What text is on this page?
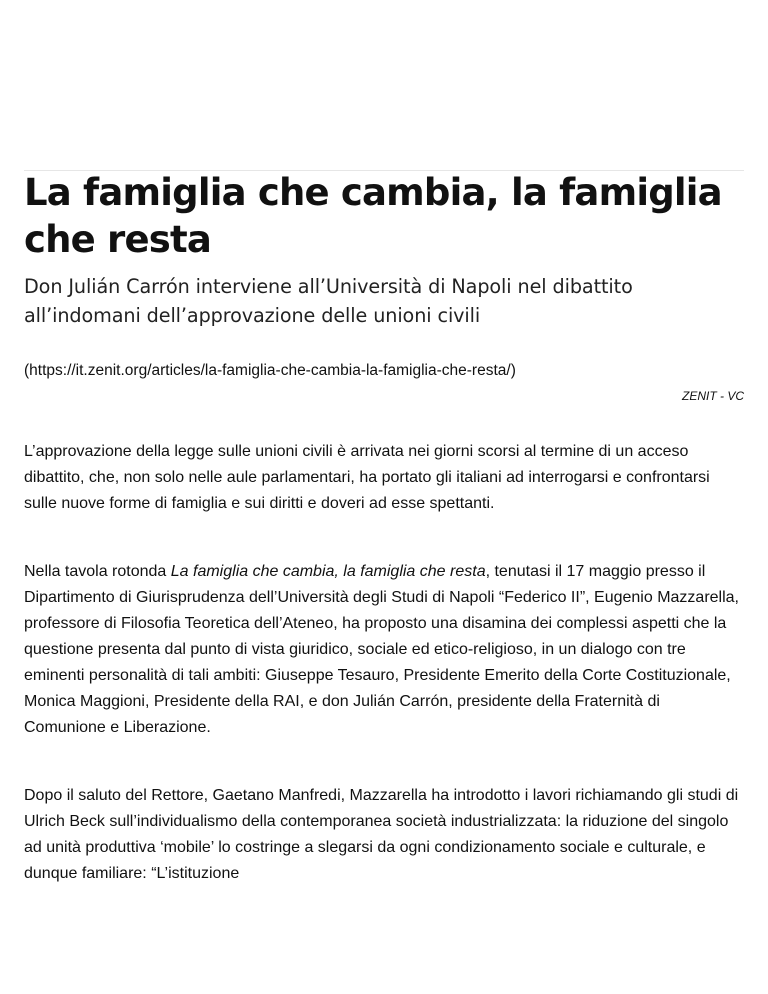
La famiglia che cambia, la famiglia che resta

Don Julián Carrón interviene all’Università di Napoli nel dibattito all’indomani dell’approvazione delle unioni civili

(https://it.zenit.org/articles/la-famiglia-che-cambia-la-famiglia-che-resta/)

ZENIT - VC

L’approvazione della legge sulle unioni civili è arrivata nei giorni scorsi al termine di un acceso dibattito, che, non solo nelle aule parlamentari, ha portato gli italiani ad interrogarsi e confrontarsi sulle nuove forme di famiglia e sui diritti e doveri ad esse spettanti.

Nella tavola rotonda La famiglia che cambia, la famiglia che resta, tenutasi il 17 maggio presso il Dipartimento di Giurisprudenza dell’Università degli Studi di Napoli “Federico II”, Eugenio Mazzarella, professore di Filosofia Teoretica dell’Ateneo, ha proposto una disamina dei complessi aspetti che la questione presenta dal punto di vista giuridico, sociale ed etico-religioso, in un dialogo con tre eminenti personalità di tali ambiti: Giuseppe Tesauro, Presidente Emerito della Corte Costituzionale, Monica Maggioni, Presidente della RAI, e don Julián Carrón, presidente della Fraternità di Comunione e Liberazione.

Dopo il saluto del Rettore, Gaetano Manfredi, Mazzarella ha introdotto i lavori richiamando gli studi di Ulrich Beck sull’individualismo della contemporanea società industrializzata: la riduzione del singolo ad unità produttiva ‘mobile’ lo costringe a slegarsi da ogni condizionamento sociale e culturale, e dunque familiare: “L’istituzione
